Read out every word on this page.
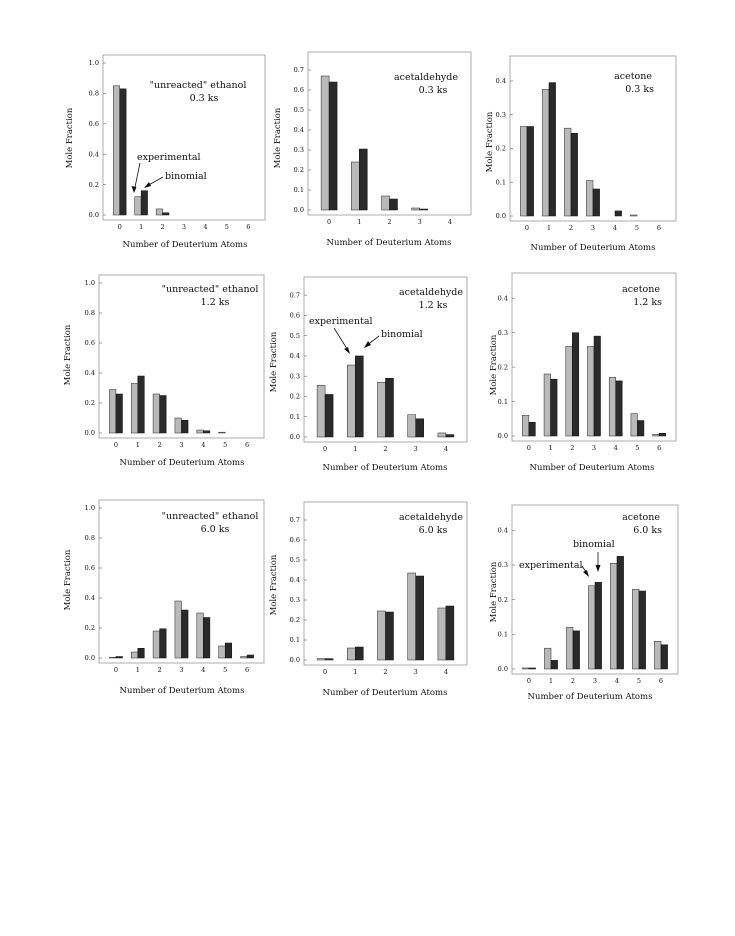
Mole Fraction
0.0
0.2
0.4
0.6
0.8
1.0
0	1	2	3	4	5	6
"unreacted" ethanol
0.3 ks
experimental
binomial
Number of Deuterium Atoms
Mole Fraction
0.0
0.1
0.2
0.3
0.4
0.5
0.6
0.7
0	1	2	3	4
acetaldehyde
0.3 ks
Number of Deuterium Atoms
Mole Fraction
0.0
0.1
0.2
0.3
0.4
0	1	2	3	4	5	6
acetone
0.3 ks
Number of Deuterium Atoms
Mole Fraction
0.0
0.2
0.4
0.6
0.8
1.0
0	1	2	3	4	5	6
"unreacted" ethanol
1.2 ks
Number of Deuterium Atoms
Mole Fraction
0.0
0.1
0.2
0.3
0.4
0.5
0.6
0.7
0	1	2	3	4
acetaldehyde
1.2 ks
experimental
binomial
Number of Deuterium Atoms
Mole Fraction
0.0
0.1
0.2
0.3
0.4
0	1	2	3	4	5	6
acetone
1.2 ks
Number of Deuterium Atoms
Mole Fraction
0.0
0.2
0.4
0.6
0.8
1.0
0	1	2	3	4	5	6
"unreacted" ethanol
6.0 ks
Number of Deuterium Atoms
Mole Fraction
0.0
0.1
0.2
0.3
0.4
0.5
0.6
0.7
0	1	2	3	4
acetaldehyde
6.0 ks
Number of Deuterium Atoms
Mole Fraction
0.0
0.1
0.2
0.3
0.4
0	1	2	3	4	5	6
acetone
6.0 ks
experimental
binomial
Number of Deuterium Atoms
